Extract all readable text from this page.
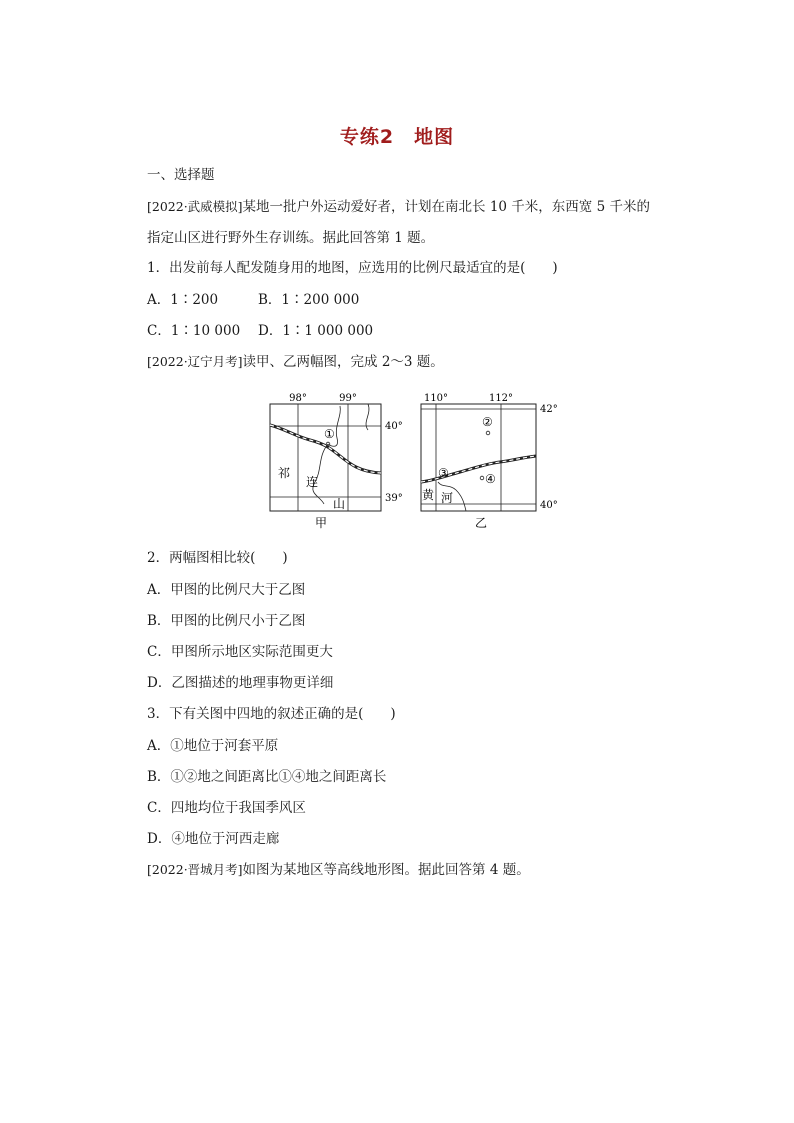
专练2　地图
一、选择题
[2022·武威模拟]某地一批户外运动爱好者，计划在南北长 10 千米，东西宽 5 千米的
指定山区进行野外生存训练。据此回答第 1 题。
1．出发前每人配发随身用的地图，应选用的比例尺最适宜的是(　　)
A．1∶200	B．1∶200 000
C．1∶10 000 D．1∶1 000 000
[2022·辽宁月考]读甲、乙两幅图，完成 2～3 题。
98°	99°
40°
39°
①
祁
连
山
甲
110°	112°
42°
40°
②
③	④
黄 河
乙
2．两幅图相比较(　　)
A．甲图的比例尺大于乙图
B．甲图的比例尺小于乙图
C．甲图所示地区实际范围更大
D．乙图描述的地理事物更详细
3．下有关图中四地的叙述正确的是(　　)
A．①地位于河套平原
B．①②地之间距离比①④地之间距离长
C．四地均位于我国季风区
D．④地位于河西走廊
[2022·晋城月考]如图为某地区等高线地形图。据此回答第 4 题。
